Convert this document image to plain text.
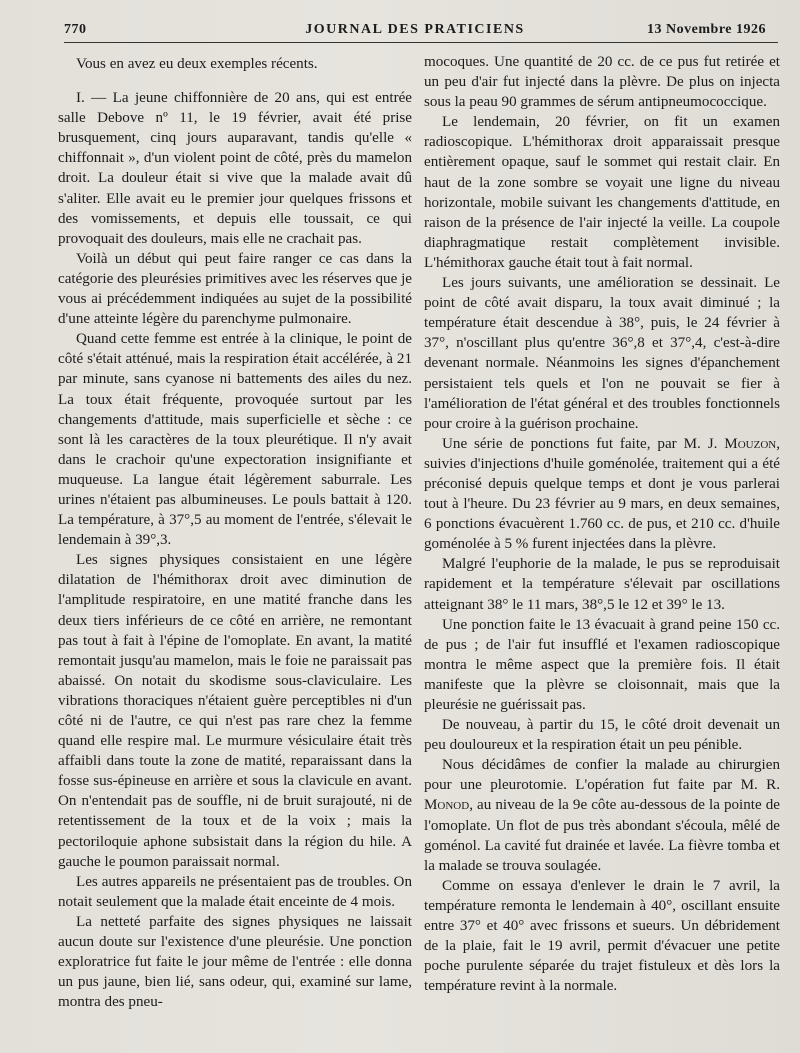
770	JOURNAL DES PRATICIENS	13 Novembre 1926

Vous en avez eu deux exemples récents.

I. — La jeune chiffonnière de 20 ans, qui est entrée salle Debove nº 11, le 19 février, avait été prise brusquement, cinq jours auparavant, tandis qu'elle « chiffonnait », d'un violent point de côté, près du mamelon droit. La douleur était si vive que la malade avait dû s'aliter. Elle avait eu le premier jour quelques frissons et des vomissements, et depuis elle toussait, ce qui provoquait des douleurs, mais elle ne crachait pas.

Voilà un début qui peut faire ranger ce cas dans la catégorie des pleurésies primitives avec les réserves que je vous ai précédemment indiquées au sujet de la possibilité d'une atteinte légère du parenchyme pulmonaire.

Quand cette femme est entrée à la clinique, le point de côté s'était atténué, mais la respiration était accélérée, à 21 par minute, sans cyanose ni battements des ailes du nez. La toux était fréquente, provoquée surtout par les changements d'attitude, mais superficielle et sèche : ce sont là les caractères de la toux pleurétique. Il n'y avait dans le crachoir qu'une expectoration insignifiante et muqueuse. La langue était légèrement saburrale. Les urines n'étaient pas albumineuses. Le pouls battait à 120. La température, à 37°,5 au moment de l'entrée, s'élevait le lendemain à 39°,3.

Les signes physiques consistaient en une légère dilatation de l'hémithorax droit avec diminution de l'amplitude respiratoire, en une matité franche dans les deux tiers inférieurs de ce côté en arrière, ne remontant pas tout à fait à l'épine de l'omoplate. En avant, la matité remontait jusqu'au mamelon, mais le foie ne paraissait pas abaissé. On notait du skodisme sous-claviculaire. Les vibrations thoraciques n'étaient guère perceptibles ni d'un côté ni de l'autre, ce qui n'est pas rare chez la femme quand elle respire mal. Le murmure vésiculaire était très affaibli dans toute la zone de matité, reparaissant dans la fosse sus-épineuse en arrière et sous la clavicule en avant. On n'entendait pas de souffle, ni de bruit surajouté, ni de retentissement de la toux et de la voix ; mais la pectoriloquie aphone subsistait dans la région du hile. A gauche le poumon paraissait normal.

Les autres appareils ne présentaient pas de troubles. On notait seulement que la malade était enceinte de 4 mois.

La netteté parfaite des signes physiques ne laissait aucun doute sur l'existence d'une pleurésie. Une ponction exploratrice fut faite le jour même de l'entrée : elle donna un pus jaune, bien lié, sans odeur, qui, examiné sur lame, montra des pneu-

mocoques. Une quantité de 20 cc. de ce pus fut retirée et un peu d'air fut injecté dans la plèvre. De plus on injecta sous la peau 90 grammes de sérum antipneumococcique.

Le lendemain, 20 février, on fit un examen radioscopique. L'hémithorax droit apparaissait presque entièrement opaque, sauf le sommet qui restait clair. En haut de la zone sombre se voyait une ligne du niveau horizontale, mobile suivant les changements d'attitude, en raison de la présence de l'air injecté la veille. La coupole diaphragmatique restait complètement invisible. L'hémithorax gauche était tout à fait normal.

Les jours suivants, une amélioration se dessinait. Le point de côté avait disparu, la toux avait diminué ; la température était descendue à 38°, puis, le 24 février à 37°, n'oscillant plus qu'entre 36°,8 et 37°,4, c'est-à-dire devenant normale. Néanmoins les signes d'épanchement persistaient tels quels et l'on ne pouvait se fier à l'amélioration de l'état général et des troubles fonctionnels pour croire à la guérison prochaine.

Une série de ponctions fut faite, par M. J. Mouzon, suivies d'injections d'huile goménolée, traitement qui a été préconisé depuis quelque temps et dont je vous parlerai tout à l'heure. Du 23 février au 9 mars, en deux semaines, 6 ponctions évacuèrent 1.760 cc. de pus, et 210 cc. d'huile goménolée à 5 % furent injectées dans la plèvre.

Malgré l'euphorie de la malade, le pus se reproduisait rapidement et la température s'élevait par oscillations atteignant 38° le 11 mars, 38°,5 le 12 et 39° le 13.

Une ponction faite le 13 évacuait à grand peine 150 cc. de pus ; de l'air fut insufflé et l'examen radioscopique montra le même aspect que la première fois. Il était manifeste que la plèvre se cloisonnait, mais que la pleurésie ne guérissait pas.

De nouveau, à partir du 15, le côté droit devenait un peu douloureux et la respiration était un peu pénible.

Nous décidâmes de confier la malade au chirurgien pour une pleurotomie. L'opération fut faite par M. R. Monod, au niveau de la 9e côte au-dessous de la pointe de l'omoplate. Un flot de pus très abondant s'écoula, mêlé de goménol. La cavité fut drainée et lavée. La fièvre tomba et la malade se trouva soulagée.

Comme on essaya d'enlever le drain le 7 avril, la température remonta le lendemain à 40°, oscillant ensuite entre 37° et 40° avec frissons et sueurs. Un débridement de la plaie, fait le 19 avril, permit d'évacuer une petite poche purulente séparée du trajet fistuleux et dès lors la température revint à la normale.
